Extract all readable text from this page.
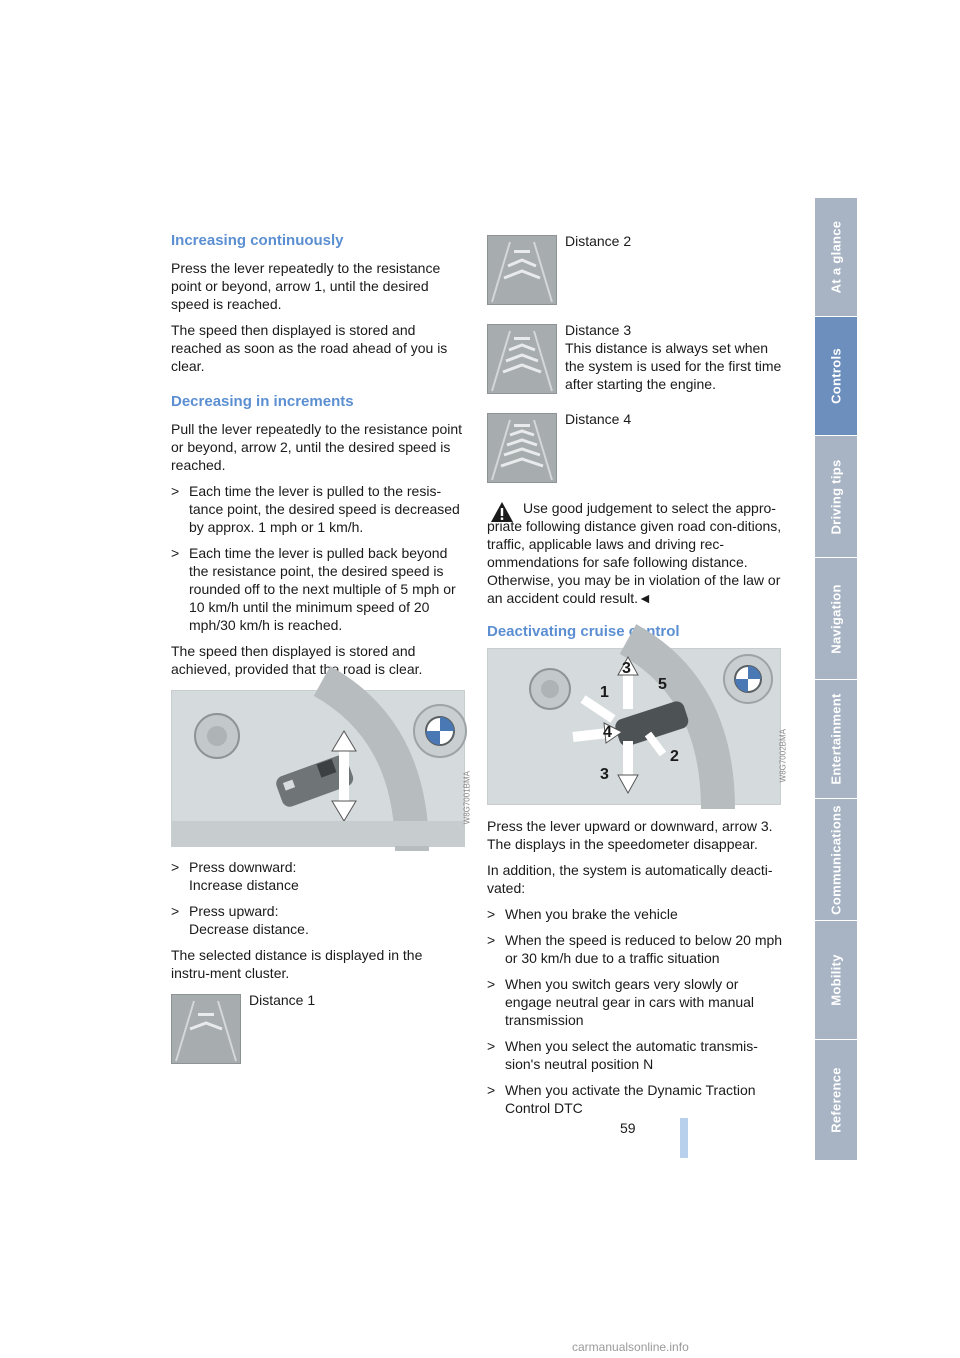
Increasing continuously

Press the lever repeatedly to the resistance point or beyond, arrow 1, until the desired speed is reached.

The speed then displayed is stored and reached as soon as the road ahead of you is clear.

Decreasing in increments

Pull the lever repeatedly to the resistance point or beyond, arrow 2, until the desired speed is reached.

> Each time the lever is pulled to the resis-tance point, the desired speed is decreased by approx. 1 mph or 1 km/h.
> Each time the lever is pulled back beyond the resistance point, the desired speed is rounded off to the next multiple of 5 mph or 10 km/h until the minimum speed of 20 mph/30 km/h is reached.

The speed then displayed is stored and achieved, provided that the road is clear.

W8G7001BMA
> Press downward:
Increase distance
> Press upward:
Decrease distance.

The selected distance is displayed in the instru-ment cluster.

Distance 1
Distance 2
Distance 3
This distance is always set when the system is used for the first time after starting the engine.
Distance 4
Use good judgement to select the appro-priate following distance given road con-ditions, traffic, applicable laws and driving rec-ommendations for safe following distance. Otherwise, you may be in violation of the law or an accident could result.◄
Deactivating cruise control
1
2
3
3
4
5
W8G7002BMA

Press the lever upward or downward, arrow 3.

The displays in the speedometer disappear.

In addition, the system is automatically deacti-vated:

> When you brake the vehicle
> When the speed is reduced to below 20 mph or 30 km/h due to a traffic situation
> When you switch gears very slowly or engage neutral gear in cars with manual transmission
> When you select the automatic transmis-sion's neutral position N
> When you activate the Dynamic Traction Control DTC
At a glance
Controls
Driving tips
Navigation
Entertainment
Communications
Mobility
Reference
59
carmanualsonline.info
